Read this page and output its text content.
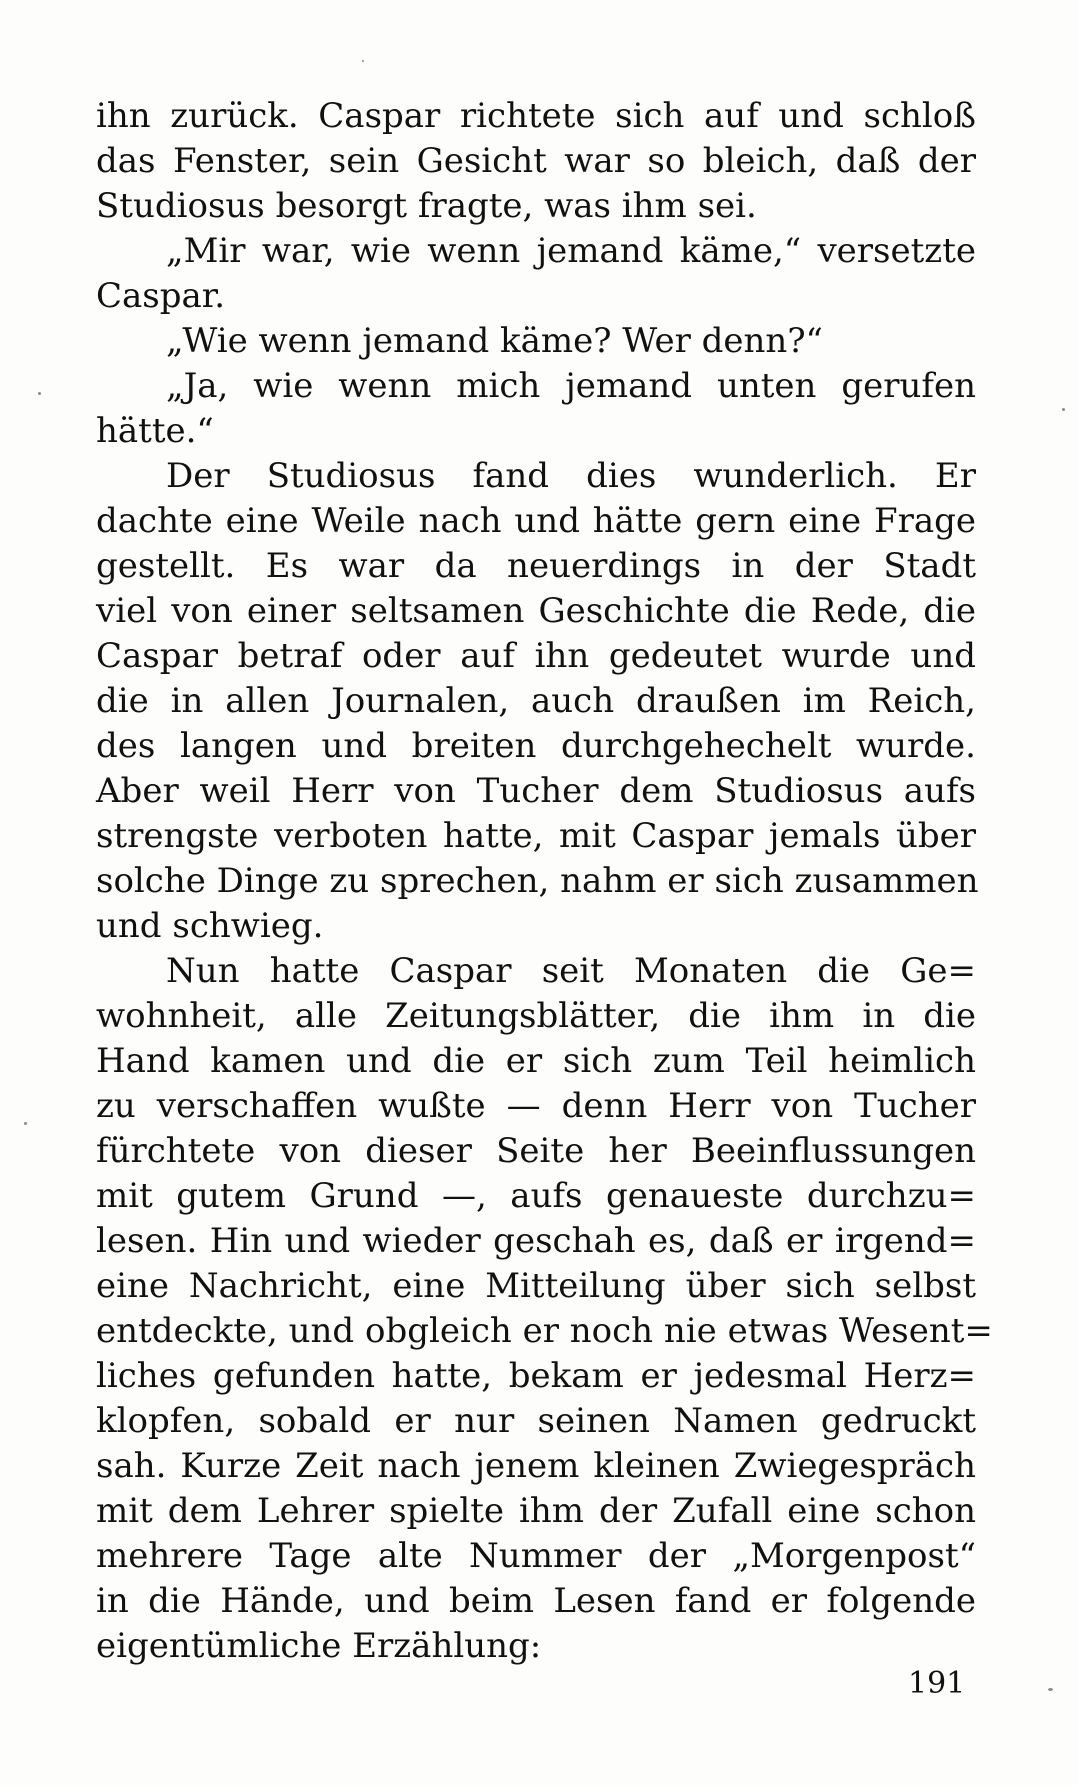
ihn zurück. Caspar richtete sich auf und schloß
das Fenster, sein Gesicht war so bleich, daß der
Studiosus besorgt fragte, was ihm sei.
„Mir war, wie wenn jemand käme,“ versetzte
Caspar.
„Wie wenn jemand käme? Wer denn?“
„Ja, wie wenn mich jemand unten gerufen
hätte.“
Der Studiosus fand dies wunderlich. Er
dachte eine Weile nach und hätte gern eine Frage
gestellt. Es war da neuerdings in der Stadt
viel von einer seltsamen Geschichte die Rede, die
Caspar betraf oder auf ihn gedeutet wurde und
die in allen Journalen, auch draußen im Reich,
des langen und breiten durchgehechelt wurde.
Aber weil Herr von Tucher dem Studiosus aufs
strengste verboten hatte, mit Caspar jemals über
solche Dinge zu sprechen, nahm er sich zusammen
und schwieg.
Nun hatte Caspar seit Monaten die Ge=
wohnheit, alle Zeitungsblätter, die ihm in die
Hand kamen und die er sich zum Teil heimlich
zu verschaffen wußte — denn Herr von Tucher
fürchtete von dieser Seite her Beeinflussungen
mit gutem Grund —, aufs genaueste durchzu=
lesen. Hin und wieder geschah es, daß er irgend=
eine Nachricht, eine Mitteilung über sich selbst
entdeckte, und obgleich er noch nie etwas Wesent=
liches gefunden hatte, bekam er jedesmal Herz=
klopfen, sobald er nur seinen Namen gedruckt
sah. Kurze Zeit nach jenem kleinen Zwiegespräch
mit dem Lehrer spielte ihm der Zufall eine schon
mehrere Tage alte Nummer der „Morgenpost“
in die Hände, und beim Lesen fand er folgende
eigentümliche Erzählung:
191
